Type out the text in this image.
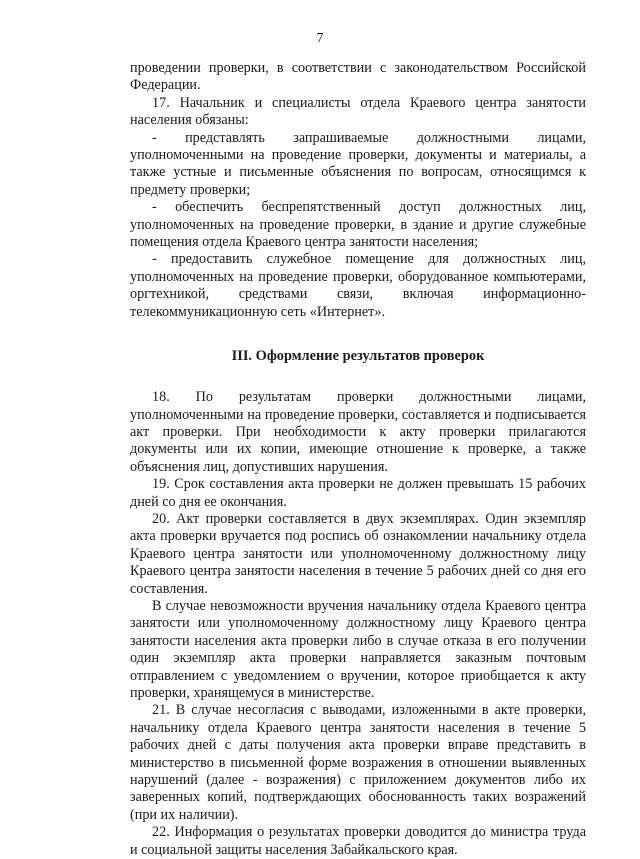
7

проведении проверки, в соответствии с законодательством Российской Федерации.

17. Начальник и специалисты отдела Краевого центра занятости населения обязаны:

- представлять запрашиваемые должностными лицами, уполномоченными на проведение проверки, документы и материалы, а также устные и письменные объяснения по вопросам, относящимся к предмету проверки;

- обеспечить беспрепятственный доступ должностных лиц, уполномоченных на проведение проверки, в здание и другие служебные помещения отдела Краевого центра занятости населения;

- предоставить служебное помещение для должностных лиц, уполномоченных на проведение проверки, оборудованное компьютерами, оргтехникой, средствами связи, включая информационно-телекоммуникационную сеть «Интернет».

III. Оформление результатов проверок

18. По результатам проверки должностными лицами, уполномоченными на проведение проверки, составляется и подписывается акт проверки. При необходимости к акту проверки прилагаются документы или их копии, имеющие отношение к проверке, а также объяснения лиц, допустивших нарушения.

19. Срок составления акта проверки не должен превышать 15 рабочих дней со дня ее окончания.

20. Акт проверки составляется в двух экземплярах. Один экземпляр акта проверки вручается под роспись об ознакомлении начальнику отдела Краевого центра занятости или уполномоченному должностному лицу Краевого центра занятости населения в течение 5 рабочих дней со дня его составления.

В случае невозможности вручения начальнику отдела Краевого центра занятости или уполномоченному должностному лицу Краевого центра занятости населения акта проверки либо в случае отказа в его получении один экземпляр акта проверки направляется заказным почтовым отправлением с уведомлением о вручении, которое приобщается к акту проверки, хранящемуся в министерстве.

21. В случае несогласия с выводами, изложенными в акте проверки, начальнику отдела Краевого центра занятости населения в течение 5 рабочих дней с даты получения акта проверки вправе представить в министерство в письменной форме возражения в отношении выявленных нарушений (далее - возражения) с приложением документов либо их заверенных копий, подтверждающих обоснованность таких возражений (при их наличии).

22. Информация о результатах проверки доводится до министра труда и социальной защиты населения Забайкальского края.
